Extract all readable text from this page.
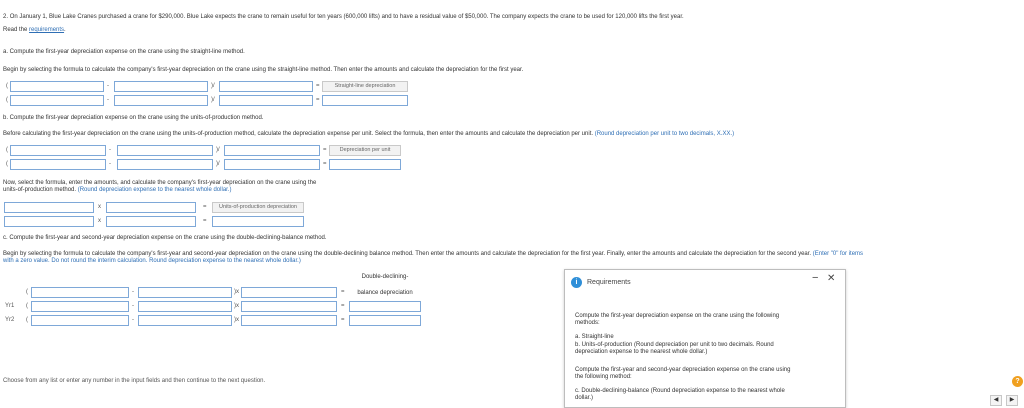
2. On January 1, Blue Lake Cranes purchased a crane for $290,000. Blue Lake expects the crane to remain useful for ten years (600,000 lifts) and to have a residual value of $50,000. The company expects the crane to be used for 120,000 lifts the first year.
Read the requirements.
a. Compute the first-year depreciation expense on the crane using the straight-line method.
Begin by selecting the formula to calculate the company's first-year depreciation on the crane using the straight-line method. Then enter the amounts and calculate the depreciation for the first year.
(	-	)/	=	Straight-line depreciation
(	-	)/	=
b. Compute the first-year depreciation expense on the crane using the units-of-production method.
Before calculating the first-year depreciation on the crane using the units-of-production method, calculate the depreciation expense per unit. Select the formula, then enter the amounts and calculate the depreciation per unit. (Round depreciation per unit to two decimals, X.XX.)
(	-	)/	=	Depreciation per unit
(	-	)/	=
Now, select the formula, enter the amounts, and calculate the company's first-year depreciation on the crane using the
units-of-production method. (Round depreciation expense to the nearest whole dollar.)
x	=	Units-of-production depreciation
x	=
c. Compute the first-year and second-year depreciation expense on the crane using the double-declining-balance method.
Begin by selecting the formula to calculate the company's first-year and second-year depreciation on the crane using the double-declining balance method. Then enter the amounts and calculate the depreciation for the first year. Finally, enter the amounts and calculate the depreciation for the second year. (Enter "0" for items
with a zero value. Do not round the interim calculation. Round depreciation expense to the nearest whole dollar.)
Double-declining-
(	-	)x	=	balance depreciation
Yr1 (	-	)x	=
Yr2 (	-	)x	=
Choose from any list or enter any number in the input fields and then continue to the next question.	?
◀	▶
i	Requirements	− ✕
Compute the first-year depreciation expense on the crane using the following
methods:
a. Straight-line
b. Units-of-production (Round depreciation per unit to two decimals. Round
depreciation expense to the nearest whole dollar.)
Compute the first-year and second-year depreciation expense on the crane using
the following method:
c. Double-declining-balance (Round depreciation expense to the nearest whole
dollar.)
